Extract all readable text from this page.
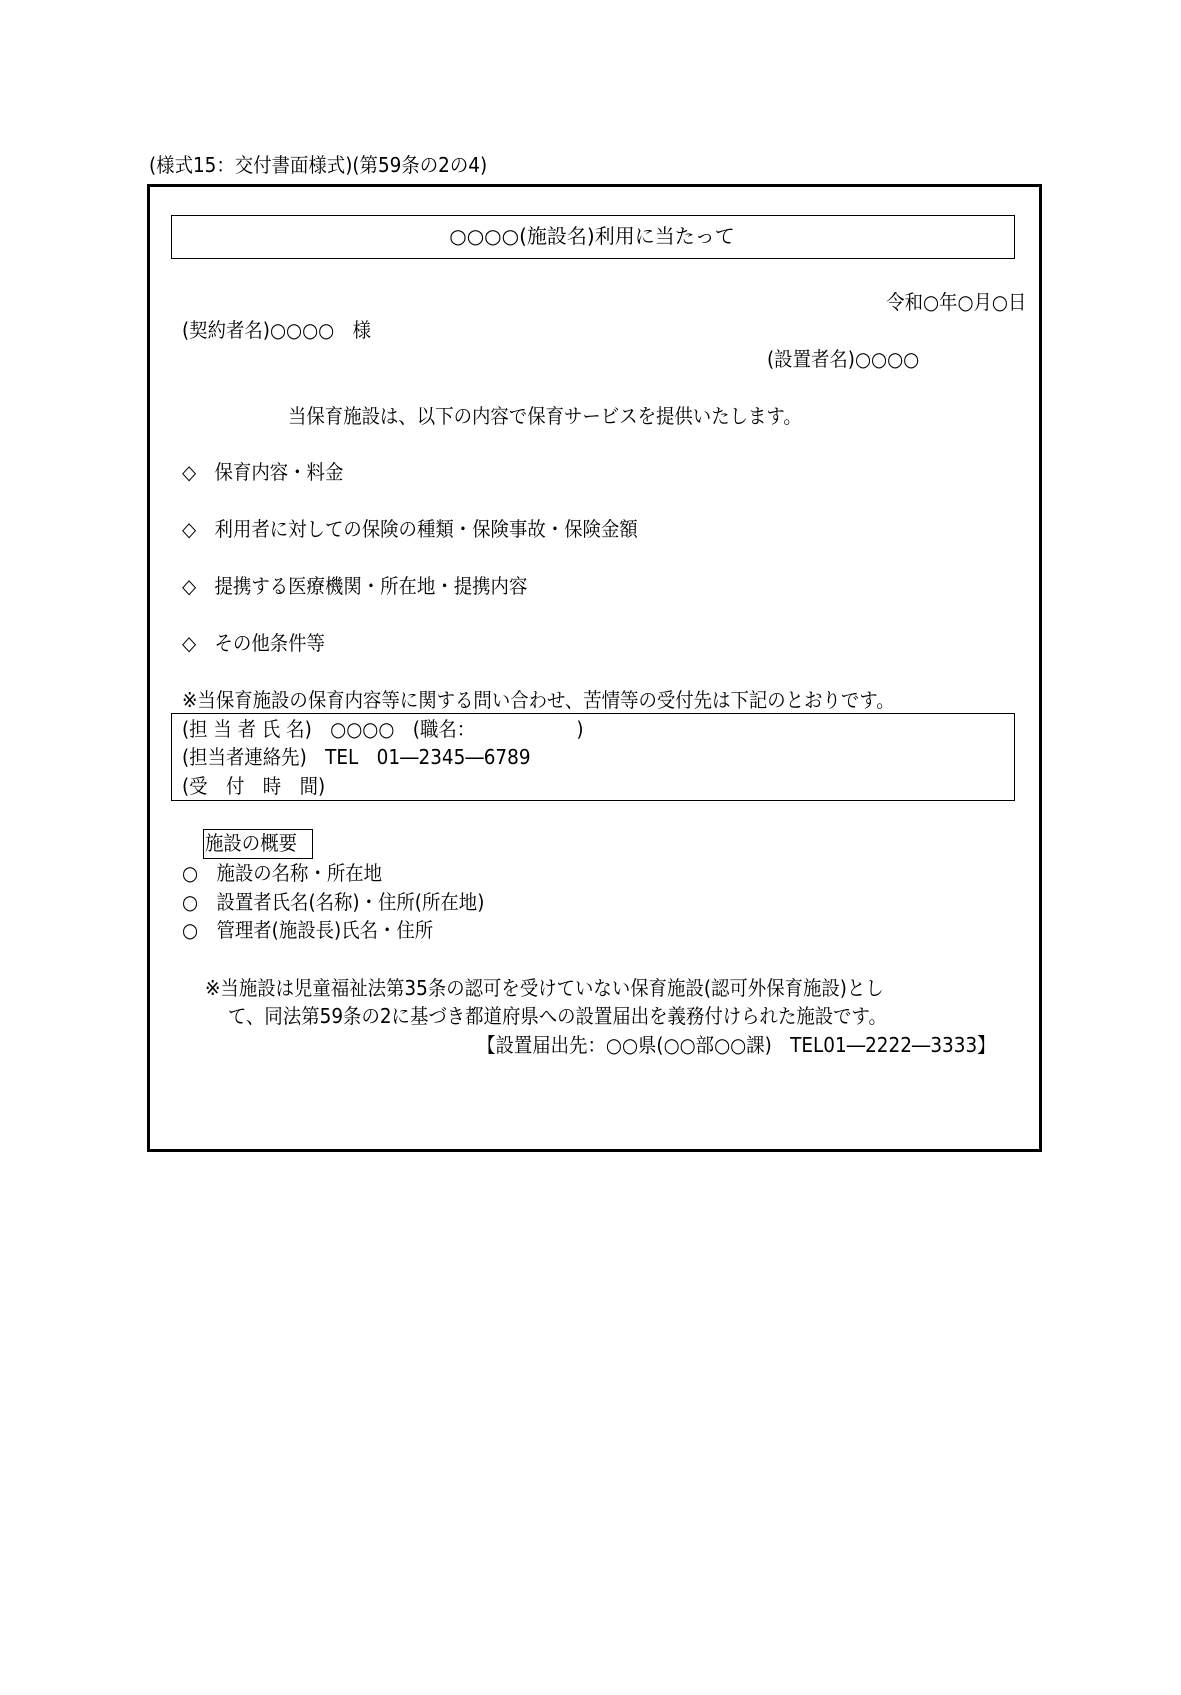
(様式15：交付書面様式)(第59条の2の4)
○○○○(施設名)利用に当たって
令和○年○月○日
(契約者名)○○○○　様
(設置者名)○○○○
当保育施設は、以下の内容で保育サービスを提供いたします。
◇　保育内容・料金
◇　利用者に対しての保険の種類・保険事故・保険金額
◇　提携する医療機関・所在地・提携内容
◇　その他条件等
※当保育施設の保育内容等に関する問い合わせ、苦情等の受付先は下記のとおりです。
(担 当 者 氏 名)　○○○○　(職名：　　　　　　)
(担当者連絡先)　TEL　01―2345―6789
(受　付　時　間)
施設の概要
○　施設の名称・所在地
○　設置者氏名(名称)・住所(所在地)
○　管理者(施設長)氏名・住所
※当施設は児童福祉法第35条の認可を受けていない保育施設(認可外保育施設)とし
て、同法第59条の2に基づき都道府県への設置届出を義務付けられた施設です。
【設置届出先：○○県(○○部○○課)　TEL01―2222―3333】
